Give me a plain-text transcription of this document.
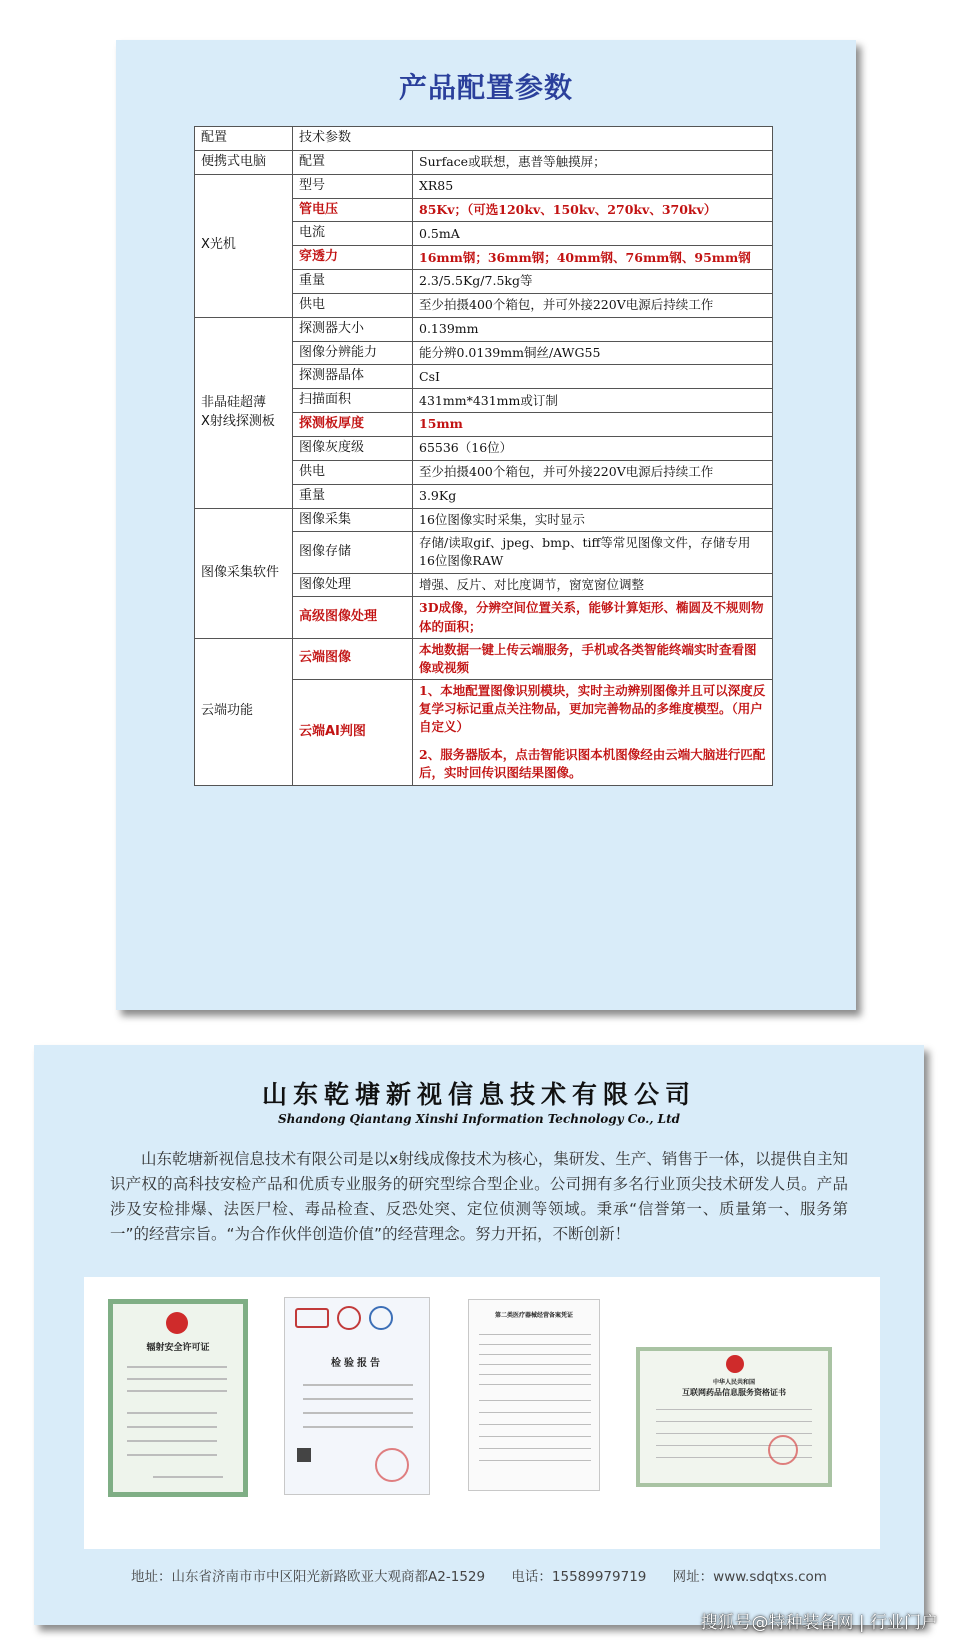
产品配置参数
配置	技术参数	
便携式电脑	配置	Surface或联想，惠普等触摸屏；
X光机	型号	XR85
	管电压	85Kv；（可选120kv、150kv、270kv、370kv）
	电流	0.5mA
	穿透力	16mm钢；36mm钢；40mm钢、76mm钢、95mm钢
	重量	2.3/5.5Kg/7.5kg等
	供电	至少拍摄400个箱包，并可外接220V电源后持续工作

非晶硅超薄
X射线探测板	探测器大小	0.139mm
	图像分辨能力	能分辨0.0139mm铜丝/AWG55
	探测器晶体	CsI
	扫描面积	431mm*431mm或订制
	探测板厚度	15mm
	图像灰度级	65536（16位）
	供电	至少拍摄400个箱包，并可外接220V电源后持续工作
	重量	3.9Kg
图像采集软件	图像采集	16位图像实时采集，实时显示
	图像存储	存储/读取gif、jpeg、bmp、tiff等常见图像文件，存储专用16位图像RAW
	图像处理	增强、反片、对比度调节，窗宽窗位调整
	高级图像处理	3D成像，分辨空间位置关系，能够计算矩形、椭圆及不规则物体的面积；
云端功能	云端图像	本地数据一键上传云端服务，手机或各类智能终端实时查看图像或视频
	云端AI判图	1、本地配置图像识别模块，实时主动辨别图像并且可以深度反复学习标记重点关注物品，更加完善物品的多维度模型。（用户自定义）
2、服务器版本，点击智能识图本机图像经由云端大脑进行匹配后，实时回传识图结果图像。
山东乾塘新视信息技术有限公司
Shandong Qiantang Xinshi Information Technology Co., Ltd
山东乾塘新视信息技术有限公司是以x射线成像技术为核心，集研发、生产、销售于一体，以提供自主知识产权的高科技安检产品和优质专业服务的研究型综合型企业。公司拥有多名行业顶尖技术研发人员。产品涉及安检排爆、法医尸检、毒品检查、反恐处突、定位侦测等领域。秉承“信誉第一、质量第一、服务第一”的经营宗旨。“为合作伙伴创造价值”的经营理念。努力开拓，不断创新！
辐射安全许可证
检验报告
第二类医疗器械经营备案凭证
中华人民共和国
互联网药品信息服务资格证书
地址：山东省济南市市中区阳光新路欧亚大观商都A2-1529 电话：15589979719 网址：www.sdqtxs.com
搜狐号@特种装备网 | 行业门户
